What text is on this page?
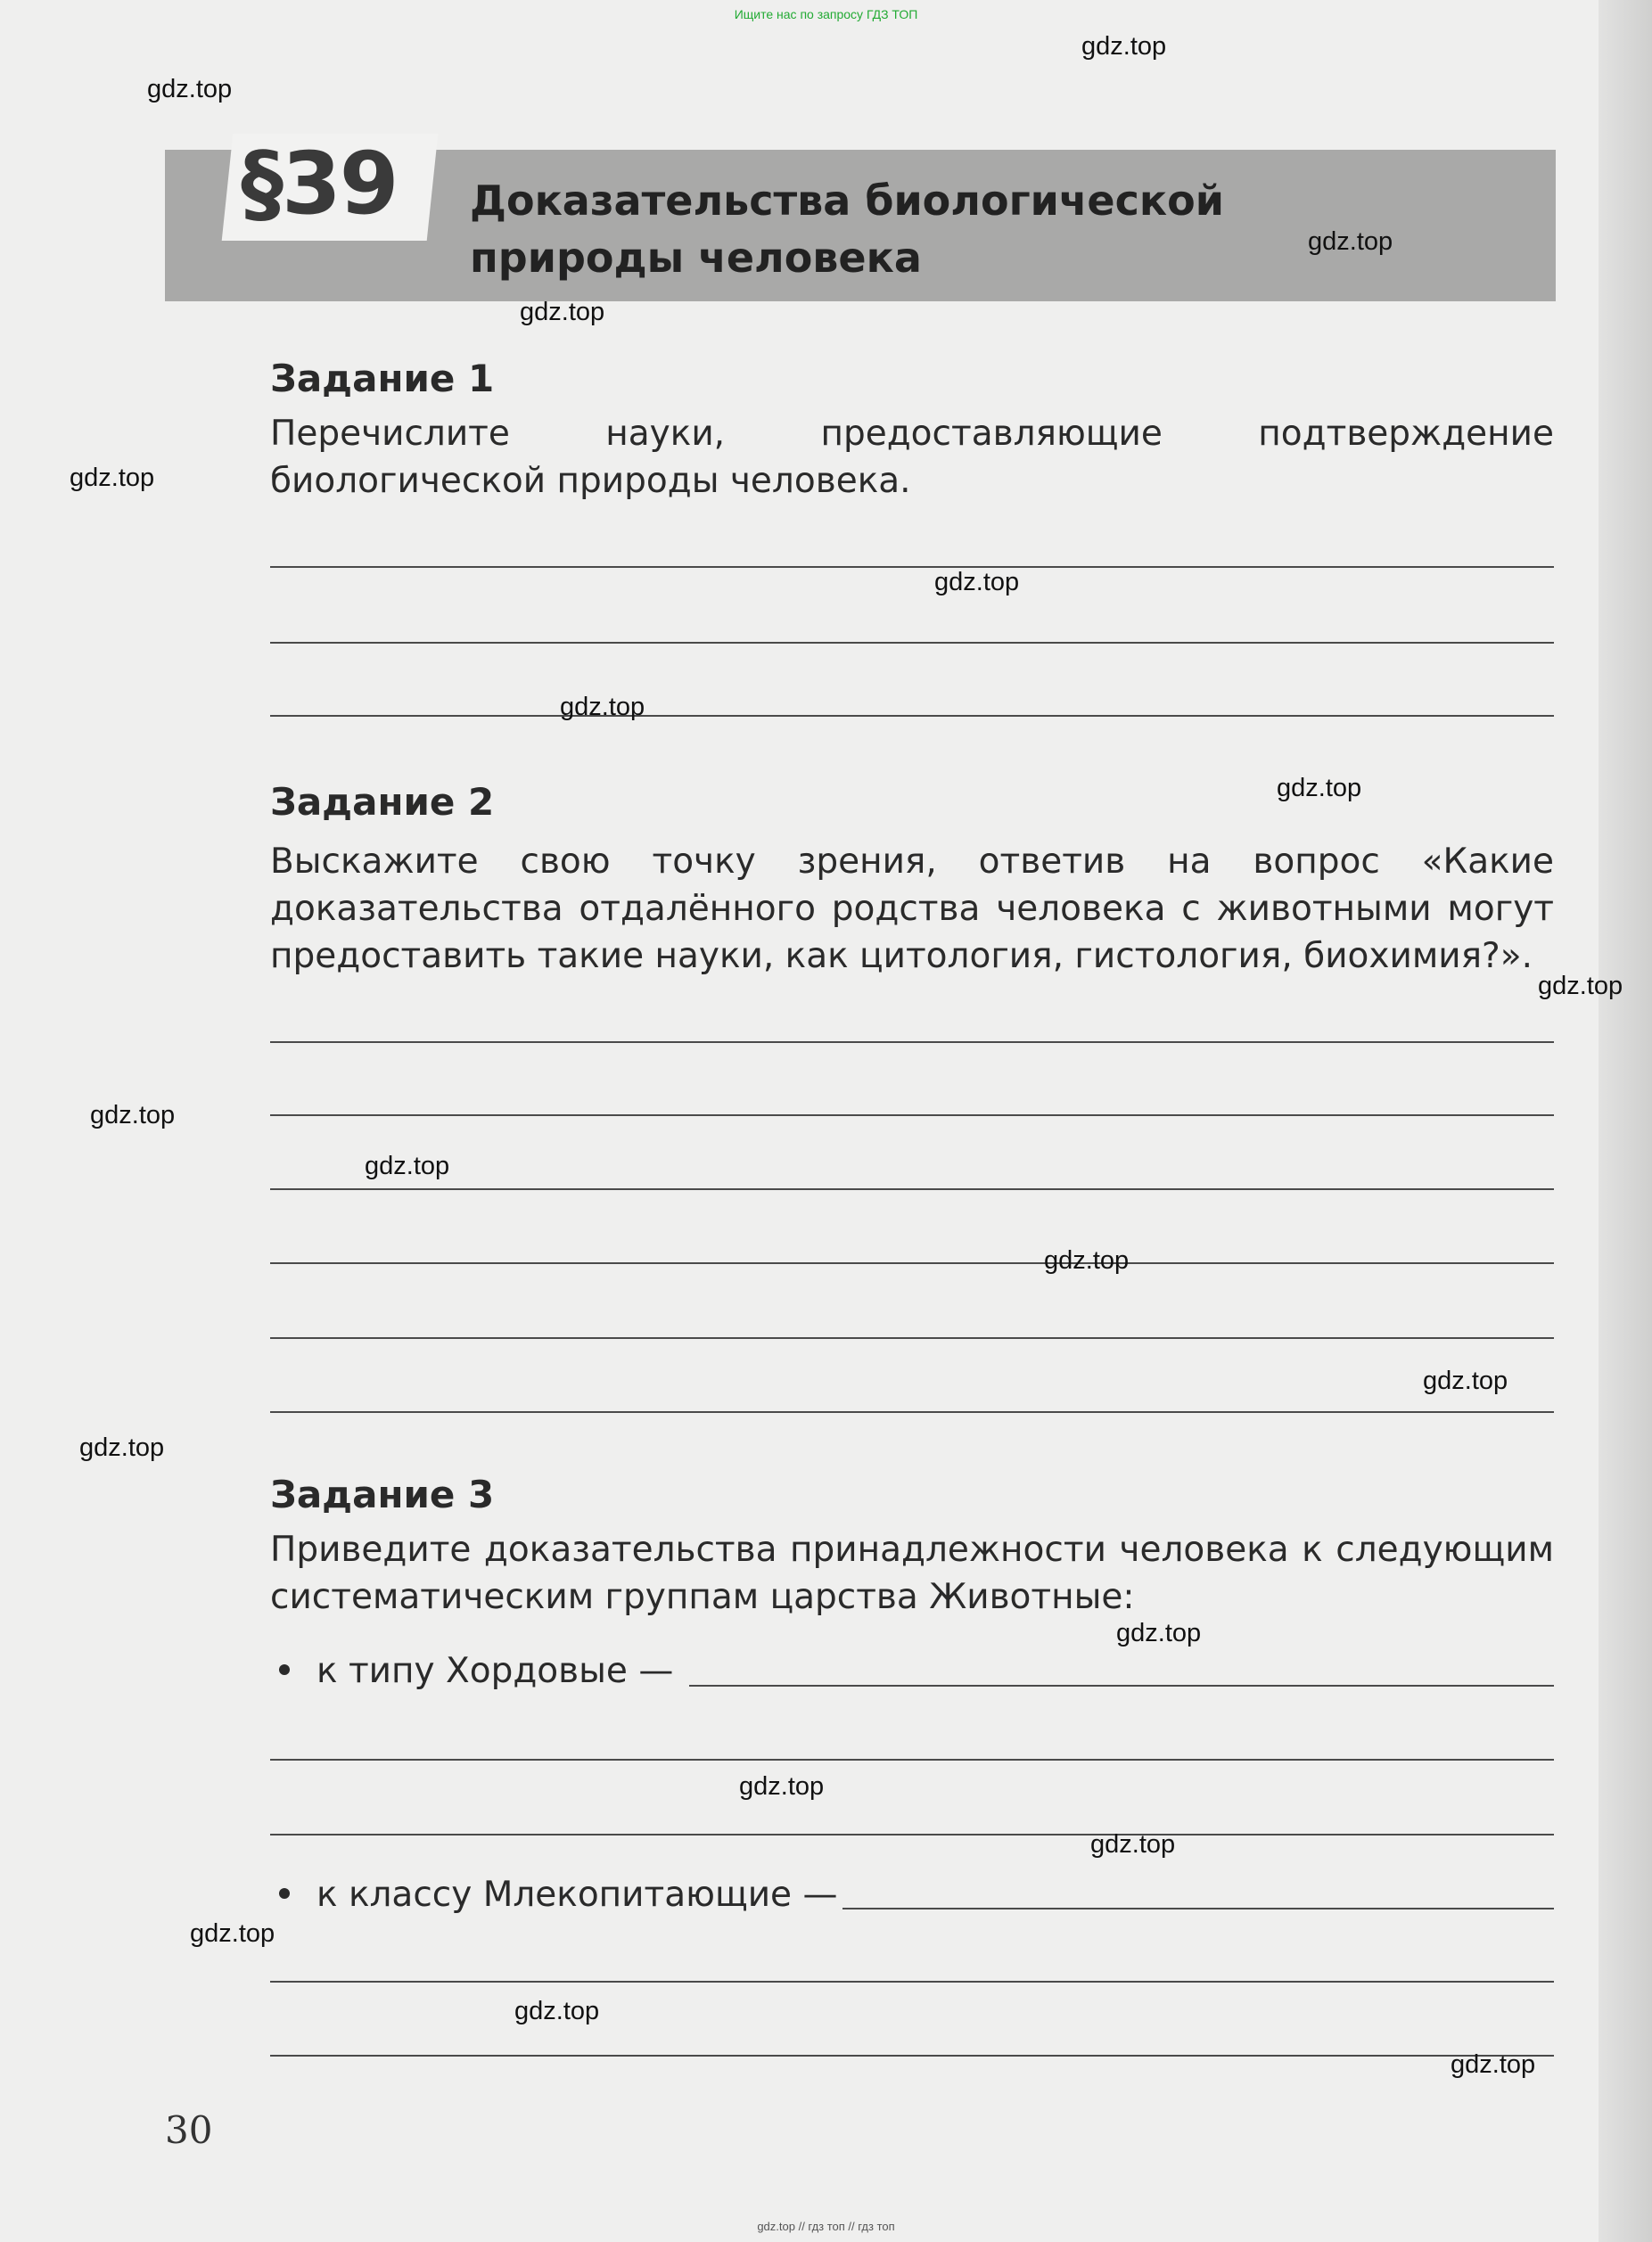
Ищите нас по запросу ГДЗ ТОП
§39 Доказательства биологической
природы человека
Задание 1
Перечислите науки, предоставляющие подтверждение биологической природы человека.
Задание 2
Выскажите свою точку зрения, ответив на вопрос «Какие доказательства отдалённого родства человека с животными могут предоставить такие науки, как цитология, гистология, биохимия?».
Задание 3
Приведите доказательства принадлежности человека к следующим систематическим группам царства Животные:
к типу Хордовые —
к классу Млекопитающие —
30
gdz.top
gdz.top
gdz.top
gdz.top
gdz.top
gdz.top
gdz.top
gdz.top
gdz.top
gdz.top
gdz.top
gdz.top
gdz.top
gdz.top
gdz.top
gdz.top
gdz.top
gdz.top
gdz.top
gdz.top
gdz.top // гдз топ // гдз топ
